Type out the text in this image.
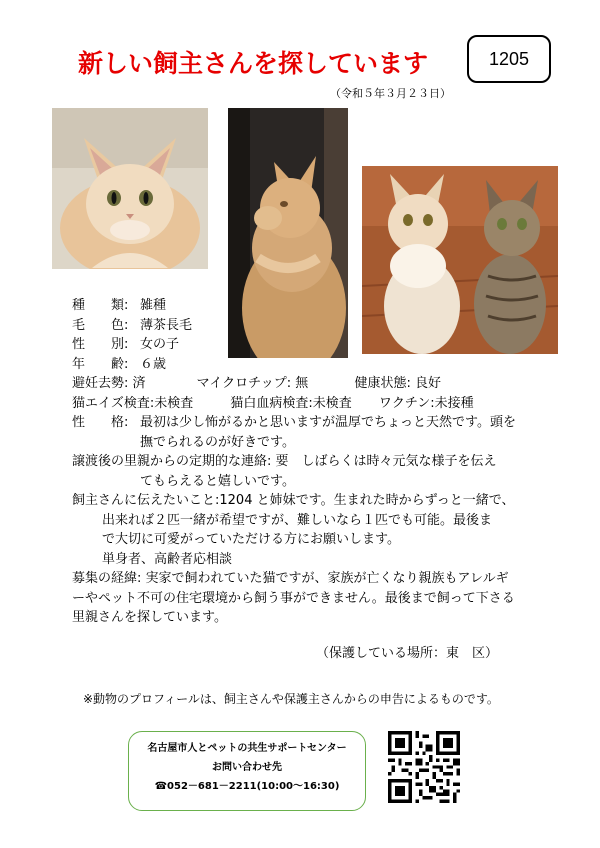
新しい飼主さんを探しています	1205
（令和５年３月２３日）
種　　類: 雑種
毛　　色: 薄茶長毛
性　　別: 女の子
年　　齢: ６歳
避妊去勢: 済	マイクロチップ: 無	健康状態: 良好
猫エイズ検査:未検査	猫白血病検査:未検査 ワクチン:未接種
性　　格: 最初は少し怖がるかと思いますが温厚でちょっと天然です。頭を
撫でられるのが好きです。
譲渡後の里親からの定期的な連絡: 要　しばらくは時々元気な様子を伝え
てもらえると嬉しいです。
飼主さんに伝えたいこと:1204 と姉妹です。生まれた時からずっと一緒で、
出来れば２匹一緒が希望ですが、難しいなら１匹でも可能。最後ま
で大切に可愛がっていただける方にお願いします。
単身者、高齢者応相談
募集の経緯: 実家で飼われていた猫ですが、家族が亡くなり親族もアレルギ
ーやペット不可の住宅環境から飼う事ができません。最後まで飼って下さる
里親さんを探しています。
（保護している場所：東　区）
※動物のプロフィールは、飼主さんや保護主さんからの申告によるものです。
名古屋市人とペットの共生サポートセンター
お問い合わせ先
☎052－681－2211(10:00～16:30)
